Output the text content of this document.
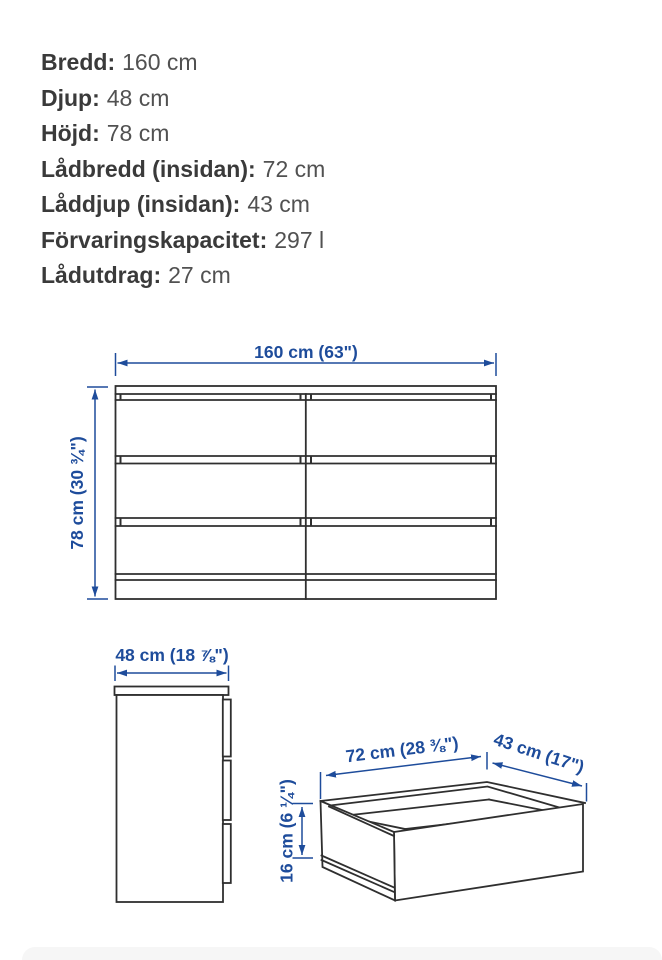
Bredd: 160 cm
Djup: 48 cm
Höjd: 78 cm
Lådbredd (insidan): 72 cm
Låddjup (insidan): 43 cm
Förvaringskapacitet: 297 l
Lådutdrag: 27 cm
160 cm (63")
78 cm (30 ¾")
48 cm (18 ⅞")
72 cm (28 ⅜") 43 cm (17")
16 cm (6 ¼")
